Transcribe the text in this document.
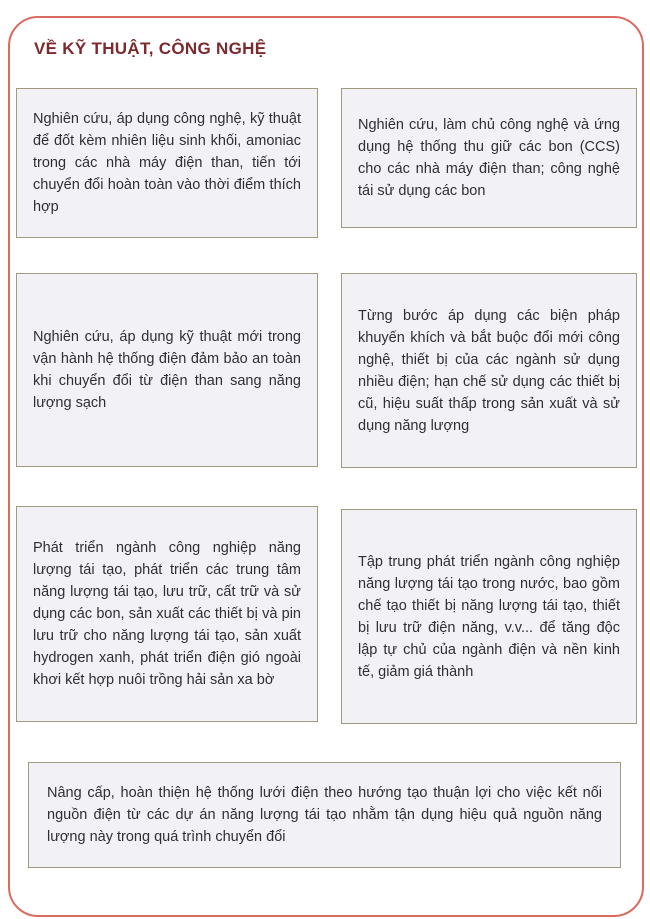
VỀ KỸ THUẬT, CÔNG NGHỆ

Nghiên cứu, áp dụng công nghệ, kỹ thuật để đốt kèm nhiên liệu sinh khối, amoniac trong các nhà máy điện than, tiến tới chuyển đổi hoàn toàn vào thời điểm thích hợp

Nghiên cứu, làm chủ công nghệ và ứng dụng hệ thống thu giữ các bon (CCS) cho các nhà máy điện than; công nghệ tái sử dụng các bon

Nghiên cứu, áp dụng kỹ thuật mới trong vận hành hệ thống điện đảm bảo an toàn khi chuyển đổi từ điện than sang năng lượng sạch

Từng bước áp dụng các biện pháp khuyến khích và bắt buộc đổi mới công nghệ, thiết bị của các ngành sử dụng nhiều điện; hạn chế sử dụng các thiết bị cũ, hiệu suất thấp trong sản xuất và sử dụng năng lượng

Phát triển ngành công nghiệp năng lượng tái tạo, phát triển các trung tâm năng lượng tái tạo, lưu trữ, cất trữ và sử dụng các bon, sản xuất các thiết bị và pin lưu trữ cho năng lượng tái tạo, sản xuất hydrogen xanh, phát triển điện gió ngoài khơi kết hợp nuôi trồng hải sản xa bờ

Tập trung phát triển ngành công nghiệp năng lượng tái tạo trong nước, bao gồm chế tạo thiết bị năng lượng tái tạo, thiết bị lưu trữ điện năng, v.v... để tăng độc lập tự chủ của ngành điện và nền kinh tế, giảm giá thành

Nâng cấp, hoàn thiện hệ thống lưới điện theo hướng tạo thuận lợi cho việc kết nối nguồn điện từ các dự án năng lượng tái tạo nhằm tận dụng hiệu quả nguồn năng lượng này trong quá trình chuyển đổi
